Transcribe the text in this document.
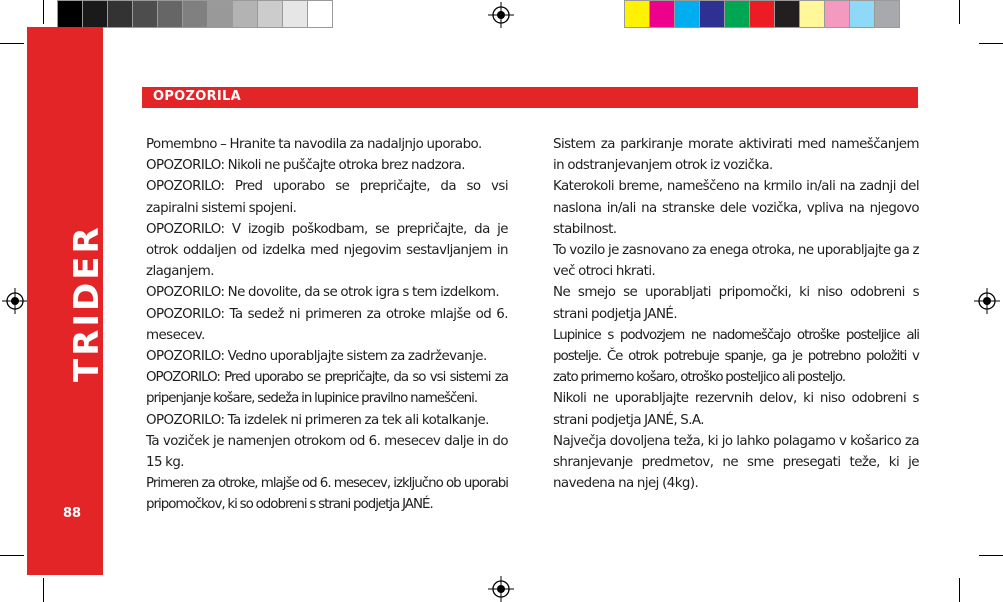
TRIDER
88
OPOZORILA

Pomembno – Hranite ta navodila za nadaljnjo uporabo.

OPOZORILO: Nikoli ne puščajte otroka brez nadzora.

OPOZORILO: Pred uporabo se prepričajte, da so vsi zapiralni sistemi spojeni.

OPOZORILO: V izogib poškodbam, se prepričajte, da je otrok oddaljen od izdelka med njegovim sestavljanjem in zlaganjem.

OPOZORILO: Ne dovolite, da se otrok igra s tem izdelkom.

OPOZORILO: Ta sedež ni primeren za otroke mlajše od 6. mesecev.

OPOZORILO: Vedno uporabljajte sistem za zadrževanje.

OPOZORILO: Pred uporabo se prepričajte, da so vsi sistemi za pripenjanje košare, sedeža in lupinice pravilno nameščeni.

OPOZORILO: Ta izdelek ni primeren za tek ali kotalkanje.

Ta voziček je namenjen otrokom od 6. mesecev dalje in do 15 kg.

Primeren za otroke, mlajše od 6. mesecev, izključno ob uporabi pripomočkov, ki so odobreni s strani podjetja JANÉ.

Sistem za parkiranje morate aktivirati med nameščanjem in odstranjevanjem otrok iz vozička.

Katerokoli breme, nameščeno na krmilo in/ali na zadnji del naslona in/ali na stranske dele vozička, vpliva na njegovo stabilnost.

To vozilo je zasnovano za enega otroka, ne uporabljajte ga z več otroci hkrati.

Ne smejo se uporabljati pripomočki, ki niso odobreni s strani podjetja JANÉ.

Lupinice s podvozjem ne nadomeščajo otroške posteljice ali postelje. Če otrok potrebuje spanje, ga je potrebno položiti v zato primerno košaro, otroško posteljico ali posteljo.

Nikoli ne uporabljajte rezervnih delov, ki niso odobreni s strani podjetja JANÉ, S.A.

Največja dovoljena teža, ki jo lahko polagamo v košarico za shranjevanje predmetov, ne sme presegati teže, ki je navedena na njej (4kg).
